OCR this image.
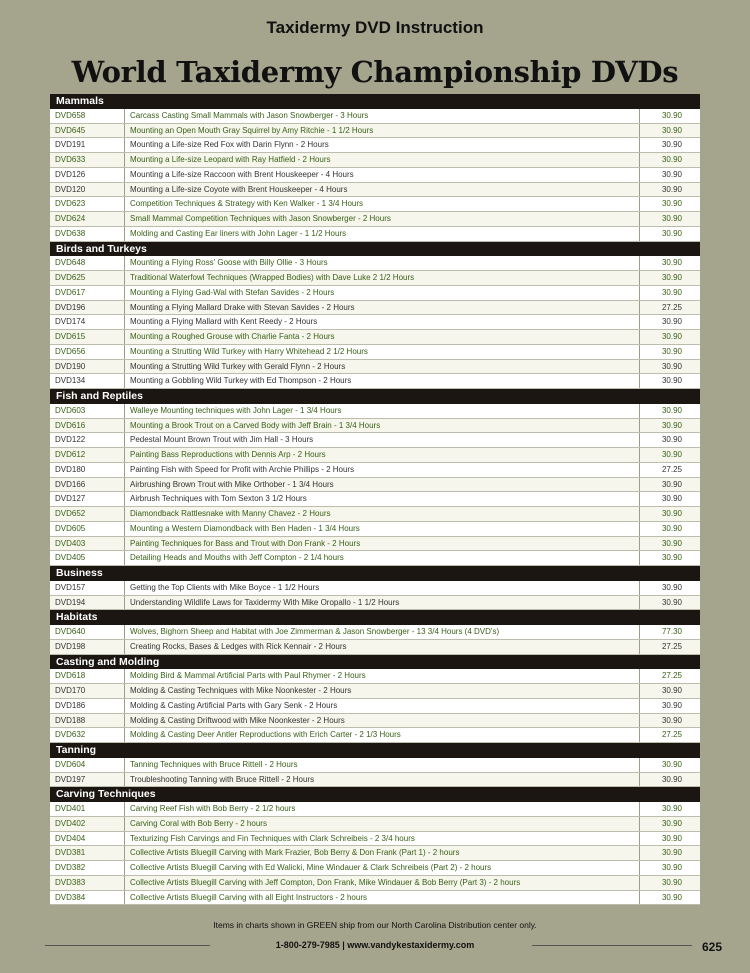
Taxidermy DVD Instruction
World Taxidermy Championship DVDs
Mammals
DVD658	Carcass Casting Small Mammals with Jason Snowberger - 3 Hours	30.90
DVD645	Mounting an Open Mouth Gray Squirrel by Amy Ritchie - 1 1/2 Hours	30.90
DVD191	Mounting a Life-size Red Fox with Darin Flynn - 2 Hours	30.90
DVD633	Mounting a Life-size Leopard with Ray Hatfield - 2 Hours	30.90
DVD126	Mounting a Life-size Raccoon with Brent Houskeeper - 4 Hours	30.90
DVD120	Mounting a Life-size Coyote with Brent Houskeeper - 4 Hours	30.90
DVD623	Competition Techniques & Strategy with Ken Walker - 1 3/4 Hours	30.90
DVD624	Small Mammal Competition Techniques with Jason Snowberger - 2 Hours	30.90
DVD638	Molding and Casting Ear liners with John Lager - 1 1/2 Hours	30.90
Birds and Turkeys
DVD648	Mounting a Flying Ross' Goose with Billy Ollie - 3 Hours	30.90
DVD625	Traditional Waterfowl Techniques (Wrapped Bodies) with Dave Luke 2 1/2 Hours	30.90
DVD617	Mounting a Flying Gad-Wal with Stefan Savides - 2 Hours	30.90
DVD196	Mounting a Flying Mallard Drake with Stevan Savides - 2 Hours	27.25
DVD174	Mounting a Flying Mallard with Kent Reedy - 2 Hours	30.90
DVD615	Mounting a Roughed Grouse with Charlie Fanta - 2 Hours	30.90
DVD656	Mounting a Strutting Wild Turkey with Harry Whitehead 2 1/2 Hours	30.90
DVD190	Mounting a Strutting Wild Turkey with Gerald Flynn - 2 Hours	30.90
DVD134	Mounting a Gobbling Wild Turkey with Ed Thompson - 2 Hours	30.90
Fish and Reptiles
DVD603	Walleye Mounting techniques with John Lager - 1 3/4 Hours	30.90
DVD616	Mounting a Brook Trout on a Carved Body with Jeff Brain - 1 3/4 Hours	30.90
DVD122	Pedestal Mount Brown Trout with Jim Hall - 3 Hours	30.90
DVD612	Painting Bass Reproductions with Dennis Arp - 2 Hours	30.90
DVD180	Painting Fish with Speed for Profit with Archie Phillips - 2 Hours	27.25
DVD166	Airbrushing Brown Trout with Mike Orthober - 1 3/4 Hours	30.90
DVD127	Airbrush Techniques with Tom Sexton 3 1/2 Hours	30.90
DVD652	Diamondback Rattlesnake with Manny Chavez - 2 Hours	30.90
DVD605	Mounting a Western Diamondback with Ben Haden - 1 3/4 Hours	30.90
DVD403	Painting Techniques for Bass and Trout with Don Frank - 2 Hours	30.90
DVD405	Detailing Heads and Mouths with Jeff Compton - 2 1/4 hours	30.90
Business
DVD157	Getting the Top Clients with Mike Boyce - 1 1/2 Hours	30.90
DVD194	Understanding Wildlife Laws for Taxidermy With Mike Oropallo - 1 1/2 Hours	30.90
Habitats
DVD640	Wolves, Bighorn Sheep and Habitat with Joe Zimmerman & Jason Snowberger - 13 3/4 Hours (4 DVD's)	77.30
DVD198	Creating Rocks, Bases & Ledges with Rick Kennair - 2 Hours	27.25
Casting and Molding
DVD618	Molding Bird & Mammal Artificial Parts with Paul Rhymer - 2 Hours	27.25
DVD170	Molding & Casting Techniques with Mike Noonkester - 2 Hours	30.90
DVD186	Molding & Casting Artificial Parts with Gary Senk - 2 Hours	30.90
DVD188	Molding & Casting Driftwood with Mike Noonkester - 2 Hours	30.90
DVD632	Molding & Casting Deer Antler Reproductions with Erich Carter - 2 1/3 Hours	27.25
Tanning
DVD604	Tanning Techniques with Bruce Rittell - 2 Hours	30.90
DVD197	Troubleshooting Tanning with Bruce Rittell - 2 Hours	30.90
Carving Techniques
DVD401	Carving Reef Fish with Bob Berry - 2 1/2 hours	30.90
DVD402	Carving Coral with Bob Berry - 2 hours	30.90
DVD404	Texturizing Fish Carvings and Fin Techniques with Clark Schreibeis - 2 3/4 hours	30.90
DVD381	Collective Artists Bluegill Carving with Mark Frazier, Bob Berry & Don Frank (Part 1) - 2 hours	30.90
DVD382	Collective Artists Bluegill Carving with Ed Walicki, Mine Windauer & Clark Schreibeis (Part 2) - 2 hours	30.90
DVD383	Collective Artists Bluegill Carving with Jeff Compton, Don Frank, Mike Windauer & Bob Berry (Part 3) - 2 hours	30.90
DVD384	Collective Artists Bluegill Carving with all Eight Instructors - 2 hours	30.90
Items in charts shown in GREEN ship from our North Carolina Distribution center only.
1-800-279-7985 | www.vandykestaxidermy.com	625
